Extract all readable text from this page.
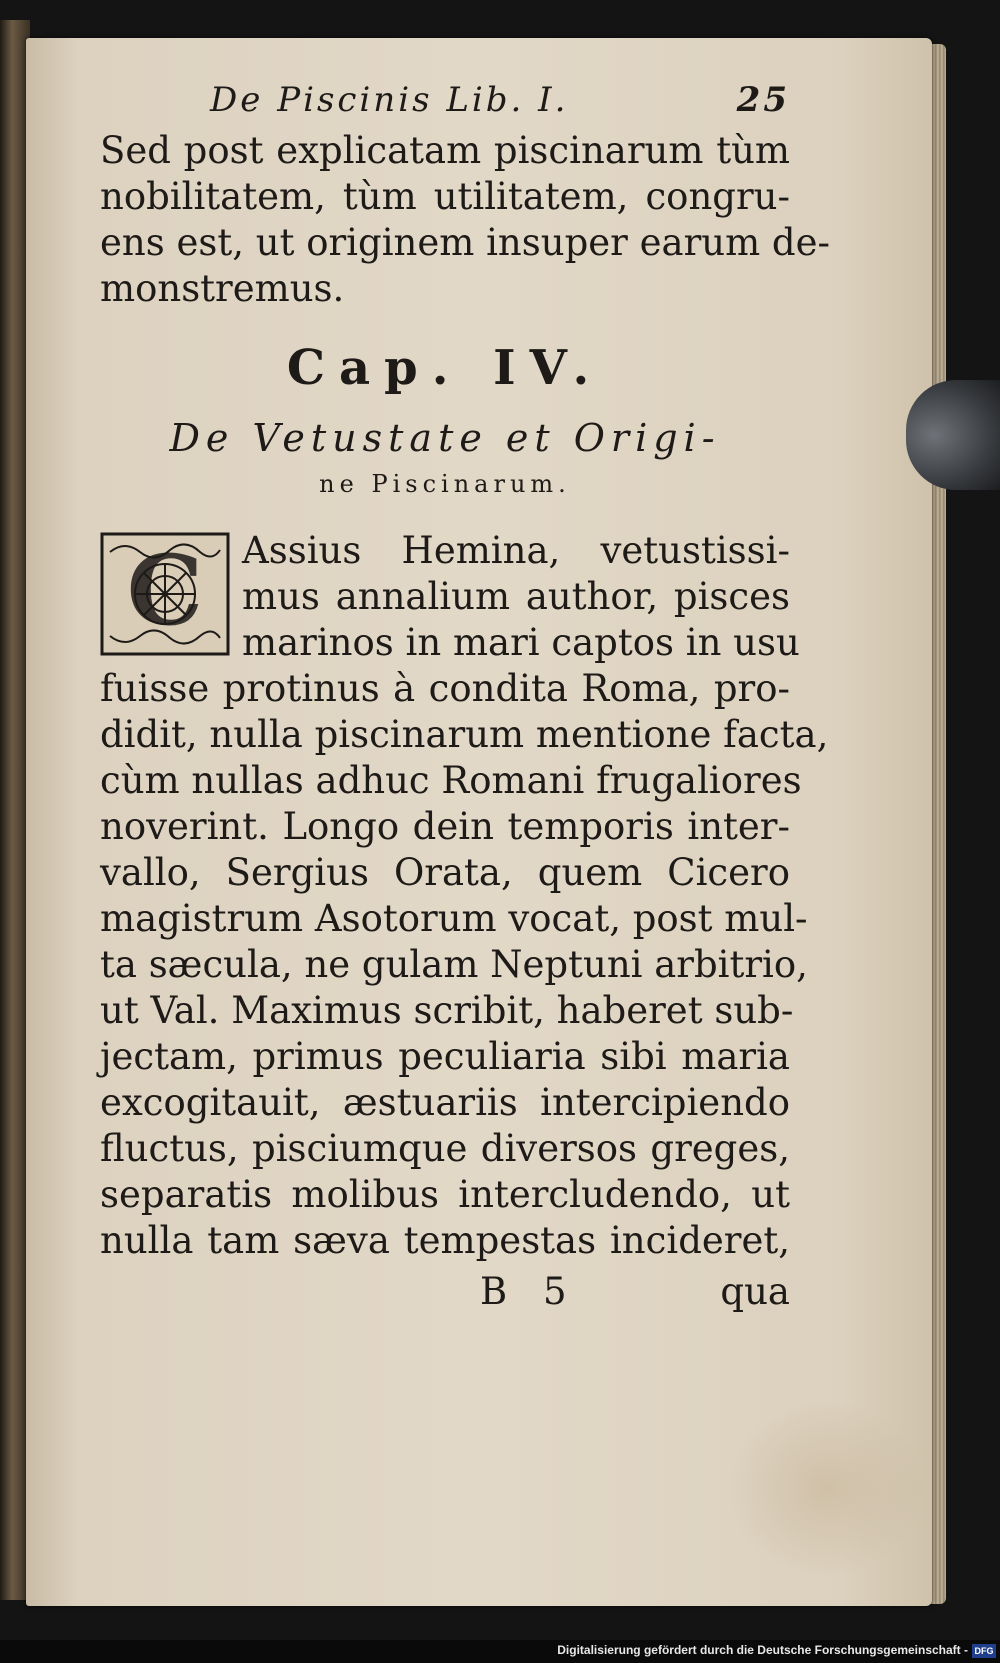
De Piscinis Lib. I.	25
Sed post explicatam piscinarum tùm
nobilitatem, tùm utilitatem, congru-
ens est, ut originem insuper earum de-
monstremus.
Cap. IV.
De Vetustate et Origi-
ne Piscinarum.
C Assius Hemina, vetustissi-
mus annalium author, pisces
marinos in mari captos in usu
fuisse protinus à condita Roma, pro-
didit, nulla piscinarum mentione facta,
cùm nullas adhuc Romani frugaliores
noverint. Longo dein temporis inter-
vallo, Sergius Orata, quem Cicero
magistrum Asotorum vocat, post mul-
ta sæcula, ne gulam Neptuni arbitrio,
ut Val. Maximus scribit, haberet sub-
jectam, primus peculiaria sibi maria
excogitauit, æstuariis intercipiendo
fluctus, pisciumque diversos greges,
separatis molibus intercludendo, ut
nulla tam sæva tempestas incideret,
B 5	qua
Digitalisierung gefördert durch die Deutsche Forschungsgemeinschaft - DFG
